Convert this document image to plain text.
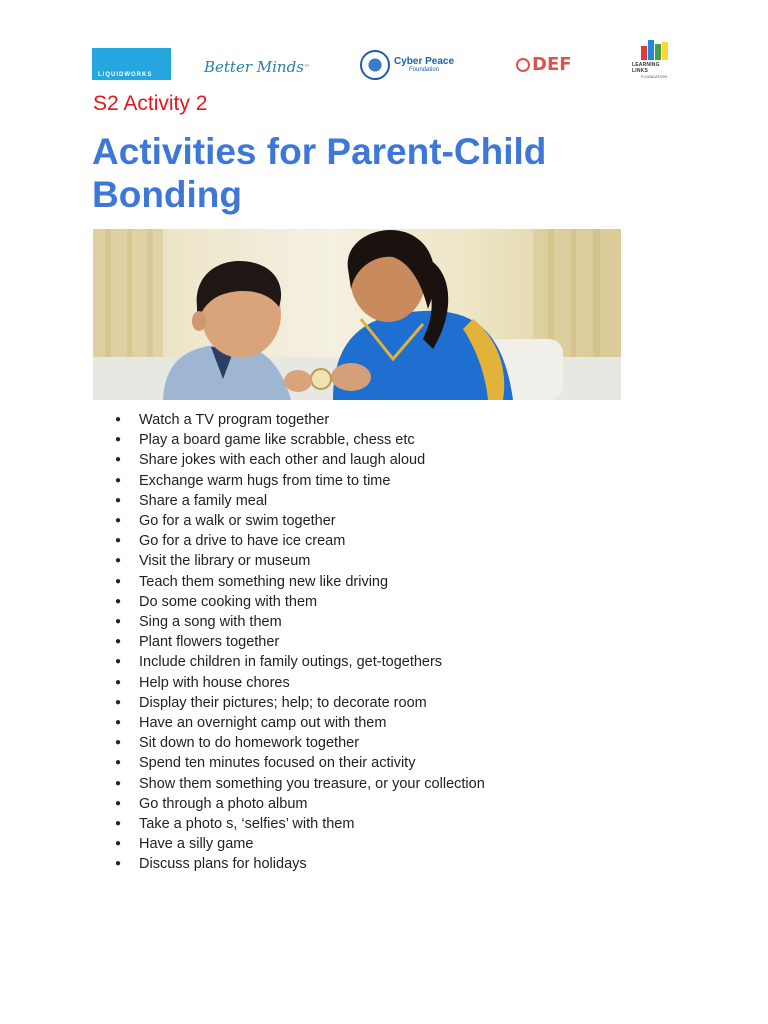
LIQUIDWORKS	Better Minds ™	Cyber Peace
Foundation	DEF	LEARNING LINKS
FOUNDATION
S2 Activity 2
Activities for Parent-Child Bonding
● Watch a TV program together
● Play a board game like scrabble, chess etc
● Share jokes with each other and laugh aloud
● Exchange warm hugs from time to time
● Share a family meal
● Go for a walk or swim together
● Go for a drive to have ice cream
● Visit the library or museum
● Teach them something new like driving
● Do some cooking with them
● Sing a song with them
● Plant flowers together
● Include children in family outings, get-togethers
● Help with house chores
● Display their pictures; help; to decorate room
● Have an overnight camp out with them
● Sit down to do homework together
● Spend ten minutes focused on their activity
● Show them something you treasure, or your collection
● Go through a photo album
● Take a photo s, ‘selfies’ with them
● Have a silly game
● Discuss plans for holidays
